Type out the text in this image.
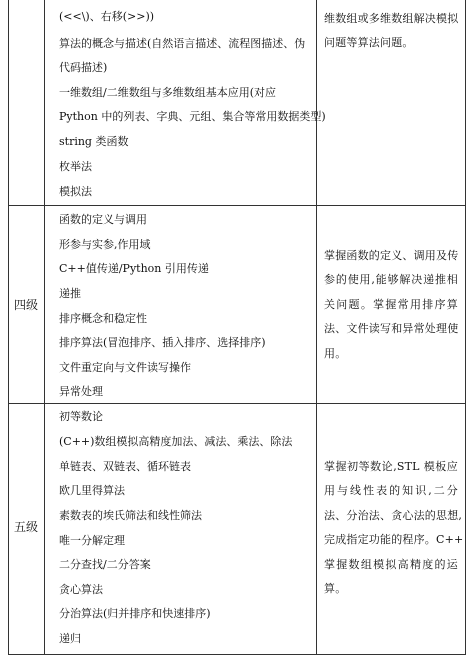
(<<\)、右移(>>))
算法的概念与描述(自然语言描述、流程图描述、伪
代码描述)
一维数组/二维数组与多维数组基本应用(对应
Python 中的列表、字典、元组、集合等常用数据类型)
string 类函数
枚举法
模拟法
维数组或多维数组解决模拟
问题等算法问题。
四级
函数的定义与调用
形参与实参,作用域
C++值传递/Python 引用传递
递推
排序概念和稳定性
排序算法(冒泡排序、插入排序、选择排序)
文件重定向与文件读写操作
异常处理
掌握函数的定义、调用及传
参的使用,能够解决递推相
关问题。掌握常用排序算
法、文件读写和异常处理使
用。
五级
初等数论
(C++)数组模拟高精度加法、减法、乘法、除法
单链表、双链表、循环链表
欧几里得算法
素数表的埃氏筛法和线性筛法
唯一分解定理
二分查找/二分答案
贪心算法
分治算法(归并排序和快速排序)
递归
掌握初等数论,STL 模板应
用与线性表的知识,二分
法、分治法、贪心法的思想,
完成指定功能的程序。C++
掌握数组模拟高精度的运
算。
